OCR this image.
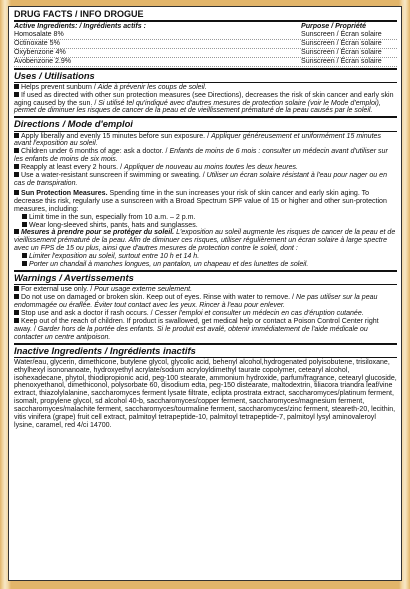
DRUG FACTS / INFO DROGUE
Active Ingredients: / Ingrédients actifs :	Purpose / Propriété
Homosalate 8%	Sunscreen / Écran solaire
Octinoxate 5%	Sunscreen / Écran solaire
Oxybenzone 4%	Sunscreen / Écran solaire
Avobenzone 2.9%	Sunscreen / Écran solaire
Uses / Utilisations

Helps prevent sunburn / Aide à prévenir les coups de soleil.

If used as directed with other sun protection measures (see Directions), decreases the risk of skin cancer and early skin aging caused by the sun. / Si utilisé tel qu'indiqué avec d'autres mesures de protection solaire (voir le Mode d'emploi), permet de diminuer les risques de cancer de la peau et de vieillissement prématuré de la peau causés par le soleil.

Directions / Mode d'emploi

Apply liberally and evenly 15 minutes before sun exposure. / Appliquer généreusement et uniformément 15 minutes avant l'exposition au soleil.

Children under 6 months of age: ask a doctor. / Enfants de moins de 6 mois : consulter un médecin avant d'utiliser sur les enfants de moins de six mois.

Reapply at least every 2 hours. / Appliquer de nouveau au moins toutes les deux heures.

Use a water-resistant sunscreen if swimming or sweating. / Utiliser un écran solaire résistant à l'eau pour nager ou en cas de transpiration.

Sun Protection Measures. Spending time in the sun increases your risk of skin cancer and early skin aging. To decrease this risk, regularly use a sunscreen with a Broad Spectrum SPF value of 15 or higher and other sun-protection measures, including:

Limit time in the sun, especially from 10 a.m. – 2 p.m.

Wear long-sleeved shirts, pants, hats and sunglasses.

Mesures à prendre pour se protéger du soleil. L'exposition au soleil augmente les risques de cancer de la peau et de vieillissement prématuré de la peau. Afin de diminuer ces risques, utiliser régulièrement un écran solaire à large spectre avec un FPS de 15 ou plus, ainsi que d'autres mesures de protection contre le soleil, dont :

Limiter l'exposition au soleil, surtout entre 10 h et 14 h.

Porter un chandail à manches longues, un pantalon, un chapeau et des lunettes de soleil.

Warnings / Avertissements

For external use only. / Pour usage externe seulement.

Do not use on damaged or broken skin. Keep out of eyes. Rinse with water to remove. / Ne pas utiliser sur la peau endommagée ou éraflée. Éviter tout contact avec les yeux. Rincer à l'eau pour enlever.

Stop use and ask a doctor if rash occurs. / Cesser l'emploi et consulter un médecin en cas d'éruption cutanée.

Keep out of the reach of children. If product is swallowed, get medical help or contact a Poison Control Center right away. / Garder hors de la portée des enfants. Si le produit est avalé, obtenir immédiatement de l'aide médicale ou contacter un centre antipoison.

Inactive Ingredients / Ingrédients inactifs

Water/eau, glycerin, dimethicone, butylene glycol, glycolic acid, behenyl alcohol,hydrogenated polyisobutene, trisiloxane, ethylhexyl isononanoate, hydroxyethyl acrylate/sodium acryloyldimethyl taurate copolymer, cetearyl alcohol, isohexadecane, phytol, thiodipropionic acid, peg-100 stearate, ammonium hydroxide, parfum/fragrance, cetearyl glucoside, phenoxyethanol, dimethiconol, polysorbate 60, disodium edta, peg-150 distearate, maltodextrin, tiliacora triandra leaf/vine extract, thiazolylalanine, saccharomyces ferment lysate filtrate, eclipta prostrata extract, saccharomyces/platinum ferment, isomalt, propylene glycol, sd alcohol 40-b, saccharomyces/copper ferment, saccharomyces/magnesium ferment, saccharomyces/malachite ferment, saccharomyces/tourmaline ferment, saccharomyces/zinc ferment, steareth-20, lecithin, vitis vinifera (grape) fruit cell extract, palmitoyl tetrapeptide-10, palmitoyl tetrapeptide-7, palmitoyl lysyl aminovaleroyl lysine, caramel, red 4/ci 14700.
